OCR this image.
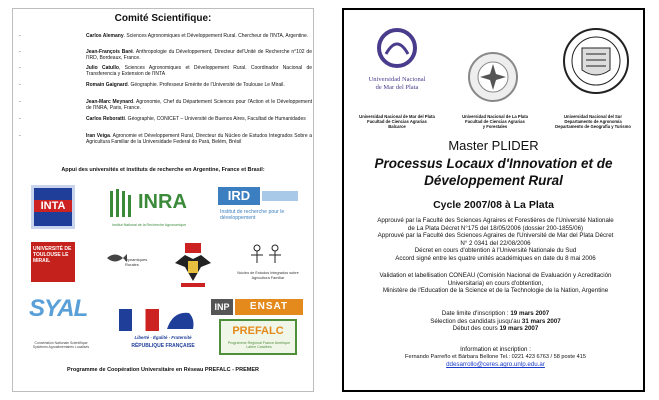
Comité Scientifique:
-	Carlos Alemany. Sciences Agronomiques et Développement Rural. Chercheur de l'INTA, Argentine.
-	Jean-François Baré. Anthropologie du Développement, Directeur del'Unité de Recherche n°102 de l'IRD, Bordeaux, France.
-	Julio Catullo, Sciences Agronomiques et Développement Rural. Coordinador Nacional de Transferencia y Extension de l'INTA
-	Romain Gaignard. Géographie. Professeur Emérite de l'Université de Toulouse Le Mirail.
-	Jean-Marc Meynard. Agronomie, Chef du Département Sciences pour l'Action et le Développement de l'INRA, Paris, France.
-	Carlos Reboratti. Géographie, CONICET – Université de Buenos Aires, Facultad de Humanidades
-	Iran Veiga. Agronomie et Développement Rural, Directeur du Núcleo de Estudos Integrados Sobre a Agricultura Familiar de la Universidade Federal do Pará, Belém, Brésil
Appui des universités et instituts de recherche en Argentine, France et Brasil:
INTA	INRA
Institut National de la Recherche Agronomique
IRD
Institut de recherche pour le développement
UNIVERSITÉ DE TOULOUSE LE MIRAIL	Dynamiques Rurales
Núcleo de Estudos Integrados sobre Agricultura Familiar
SYAL
Concertation Nationale Scientifique Systèmes Agroalimentaires Localisés
Liberté · Égalité · Fraternité
RÉPUBLIQUE FRANÇAISE
INP	ENSAT
PREFALC
Programme Régional France Amérique Latine Caraïbes
Programme de Coopération Universitaire en Réseau PREFALC - PREMER
Universidad Nacional
de Mar del Plata
Universidad Nacional de Mar del Plata
Facultad de Ciencias Agrarias
Balcarce
Universidad Nacional de La Plata
Facultad de Ciencias Agrarias
y Forestales
Universidad Nacional del Sur
Departamento de Agronomía
Departamento de Geografía y Turismo
Master PLIDER
Processus Locaux d'Innovation et de
Développement Rural
Cycle 2007/08 à La Plata
Approuvé par la Faculté des Sciences Agraires et Forestières de l'Université Nationale
de La Plata Décret N°175 del 18/05/2006 (dossier 200-1855/06)
Approuvé par la Faculté des Sciences Agraires de l'Université de Mar del Plata Décret
N° 2 0341 del 22/08/2006
Décret en cours d'obtention à l'Université Nationale du Sud
Accord signé entre les quatre unités académiques en date du 8 mai 2006
Validation et labellisation CONEAU (Comisión Nacional de Evaluación y Acreditación
Universitaria) en cours d'obtention,
Ministère de l'Education de la Science et de la Technologie de la Nation, Argentine
Date limite d'inscription : 19 mars 2007
Sélection des candidats jusqu'au 31 mars 2007
Début des cours 19 mars 2007
Information et inscription :
Fernando Parreño et Bárbara Bellone Tel.: 0221 423 6763 / 58 poste 415
ddesarrollo@ceres.agro.unlp.edu.ar
